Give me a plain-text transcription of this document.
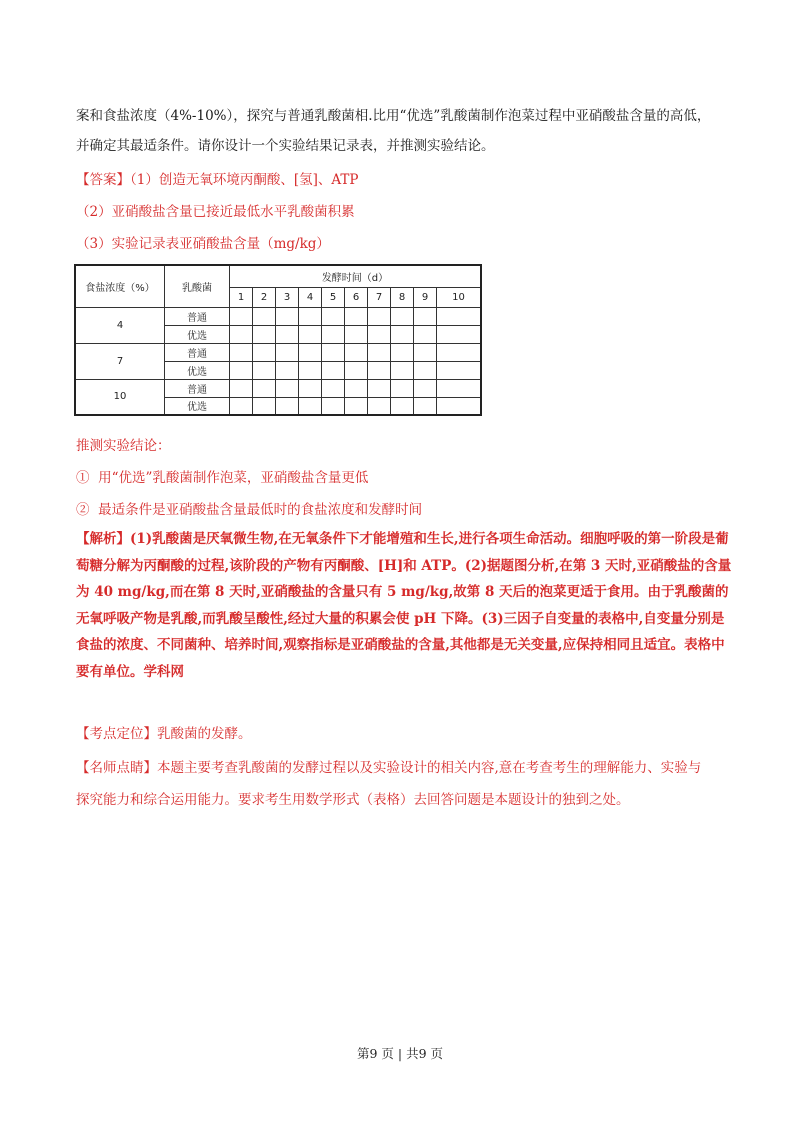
案和食盐浓度（4%-10%），探究与普通乳酸菌相.比用“优选”乳酸菌制作泡菜过程中亚硝酸盐含量的高低，
并确定其最适条件。请你设计一个实验结果记录表，并推测实验结论。
【答案】（1）创造无氧环境丙酮酸、[氢]、ATP
（2）亚硝酸盐含量已接近最低水平乳酸菌积累
（3）实验记录表亚硝酸盐含量（mg/kg）
食盐浓度（%）	乳酸菌	发酵时间（d）									
		1	2	3	4	5	6	7	8	9	10
4	普通										
	优选										
7	普通										
	优选										
10	普通										
	优选										
推测实验结论：
① 用“优选”乳酸菌制作泡菜，亚硝酸盐含量更低
② 最适条件是亚硝酸盐含量最低时的食盐浓度和发酵时间
【解析】(1)乳酸菌是厌氧微生物,在无氧条件下才能增殖和生长,进行各项生命活动。细胞呼吸的第一阶段是葡萄糖分解为丙酮酸的过程,该阶段的产物有丙酮酸、[H]和 ATP。(2)据题图分析,在第 3 天时,亚硝酸盐的含量为 40 mg/kg,而在第 8 天时,亚硝酸盐的含量只有 5 mg/kg,故第 8 天后的泡菜更适于食用。由于乳酸菌的无氧呼吸产物是乳酸,而乳酸呈酸性,经过大量的积累会使 pH 下降。(3)三因子自变量的表格中,自变量分别是食盐的浓度、不同菌种、培养时间,观察指标是亚硝酸盐的含量,其他都是无关变量,应保持相同且适宜。表格中要有单位。学科网
【考点定位】乳酸菌的发酵。
【名师点睛】本题主要考查乳酸菌的发酵过程以及实验设计的相关内容,意在考查考生的理解能力、实验与
探究能力和综合运用能力。要求考生用数学形式（表格）去回答问题是本题设计的独到之处。
第9 页 | 共9 页
